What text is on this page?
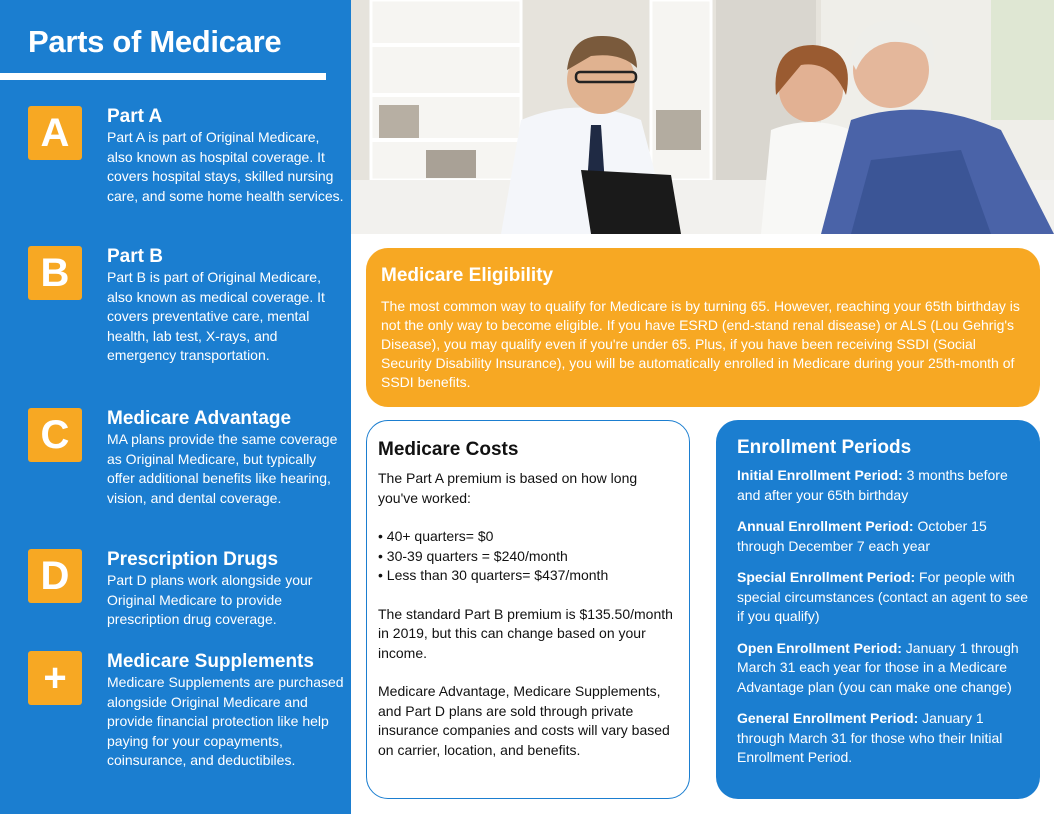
Parts of Medicare
A	Part A
Part A is part of Original Medicare, also known as hospital coverage. It covers hospital stays, skilled nursing care, and some home health services.
B	Part B
Part B is part of Original Medicare, also known as medical coverage. It covers preventative care, mental health, lab test, X-rays, and emergency transportation.
C	Medicare Advantage
MA plans provide the same coverage as Original Medicare, but typically offer additional benefits like hearing, vision, and dental coverage.
D	Prescription Drugs
Part D plans work alongside your Original Medicare to provide prescription drug coverage.
+	Medicare Supplements
Medicare Supplements are purchased alongside Original Medicare and provide financial protection like help paying for your copayments, coinsurance, and deductibiles.
Medicare Eligibility
The most common way to qualify for Medicare is by turning 65. However, reaching your 65th birthday is not the only way to become eligible. If you have ESRD (end-stand renal disease) or ALS (Lou Gehrig's Disease), you may qualify even if you're under 65. Plus, if you have been receiving SSDI (Social Security Disability Insurance), you will be automatically enrolled in Medicare during your 25th-month of SSDI benefits.
Medicare Costs
The Part A premium is based on how long you've worked:
• 40+ quarters= $0
• 30-39 quarters = $240/month
• Less than 30 quarters= $437/month
The standard Part B premium is $135.50/month in 2019, but this can change based on your income.
Medicare Advantage, Medicare Supplements, and Part D plans are sold through private insurance companies and costs will vary based on carrier, location, and benefits.
Enrollment Periods
Initial Enrollment Period: 3 months before and after your 65th birthday
Annual Enrollment Period: October 15 through December 7 each year
Special Enrollment Period: For people with special circumstances (contact an agent to see if you qualify)
Open Enrollment Period: January 1 through March 31 each year for those in a Medicare Advantage plan (you can make one change)
General Enrollment Period: January 1 through March 31 for those who their Initial Enrollment Period.
